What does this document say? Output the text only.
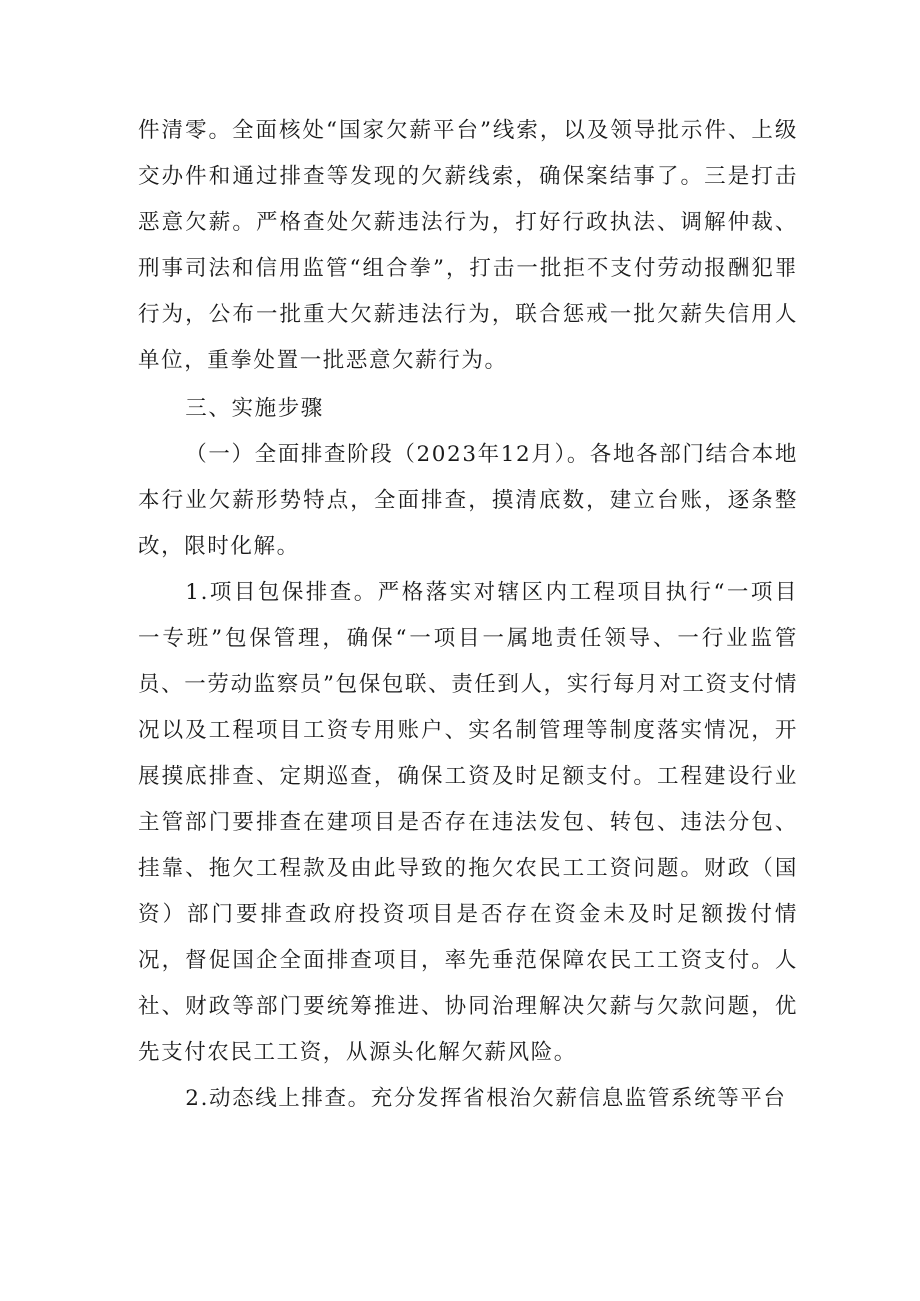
件清零。全面核处“国家欠薪平台”线索，以及领导批示件、上级交办件和通过排查等发现的欠薪线索，确保案结事了。三是打击恶意欠薪。严格查处欠薪违法行为，打好行政执法、调解仲裁、刑事司法和信用监管“组合拳”，打击一批拒不支付劳动报酬犯罪行为，公布一批重大欠薪违法行为，联合惩戒一批欠薪失信用人单位，重拳处置一批恶意欠薪行为。

三、实施步骤

（一）全面排查阶段（2023年12月）。各地各部门结合本地本行业欠薪形势特点，全面排查，摸清底数，建立台账，逐条整改，限时化解。

1.项目包保排查。严格落实对辖区内工程项目执行“一项目一专班”包保管理，确保“一项目一属地责任领导、一行业监管员、一劳动监察员”包保包联、责任到人，实行每月对工资支付情况以及工程项目工资专用账户、实名制管理等制度落实情况，开展摸底排查、定期巡查，确保工资及时足额支付。工程建设行业主管部门要排查在建项目是否存在违法发包、转包、违法分包、挂靠、拖欠工程款及由此导致的拖欠农民工工资问题。财政（国资）部门要排查政府投资项目是否存在资金未及时足额拨付情况，督促国企全面排查项目，率先垂范保障农民工工资支付。人社、财政等部门要统筹推进、协同治理解决欠薪与欠款问题，优先支付农民工工资，从源头化解欠薪风险。

2.动态线上排查。充分发挥省根治欠薪信息监管系统等平台
